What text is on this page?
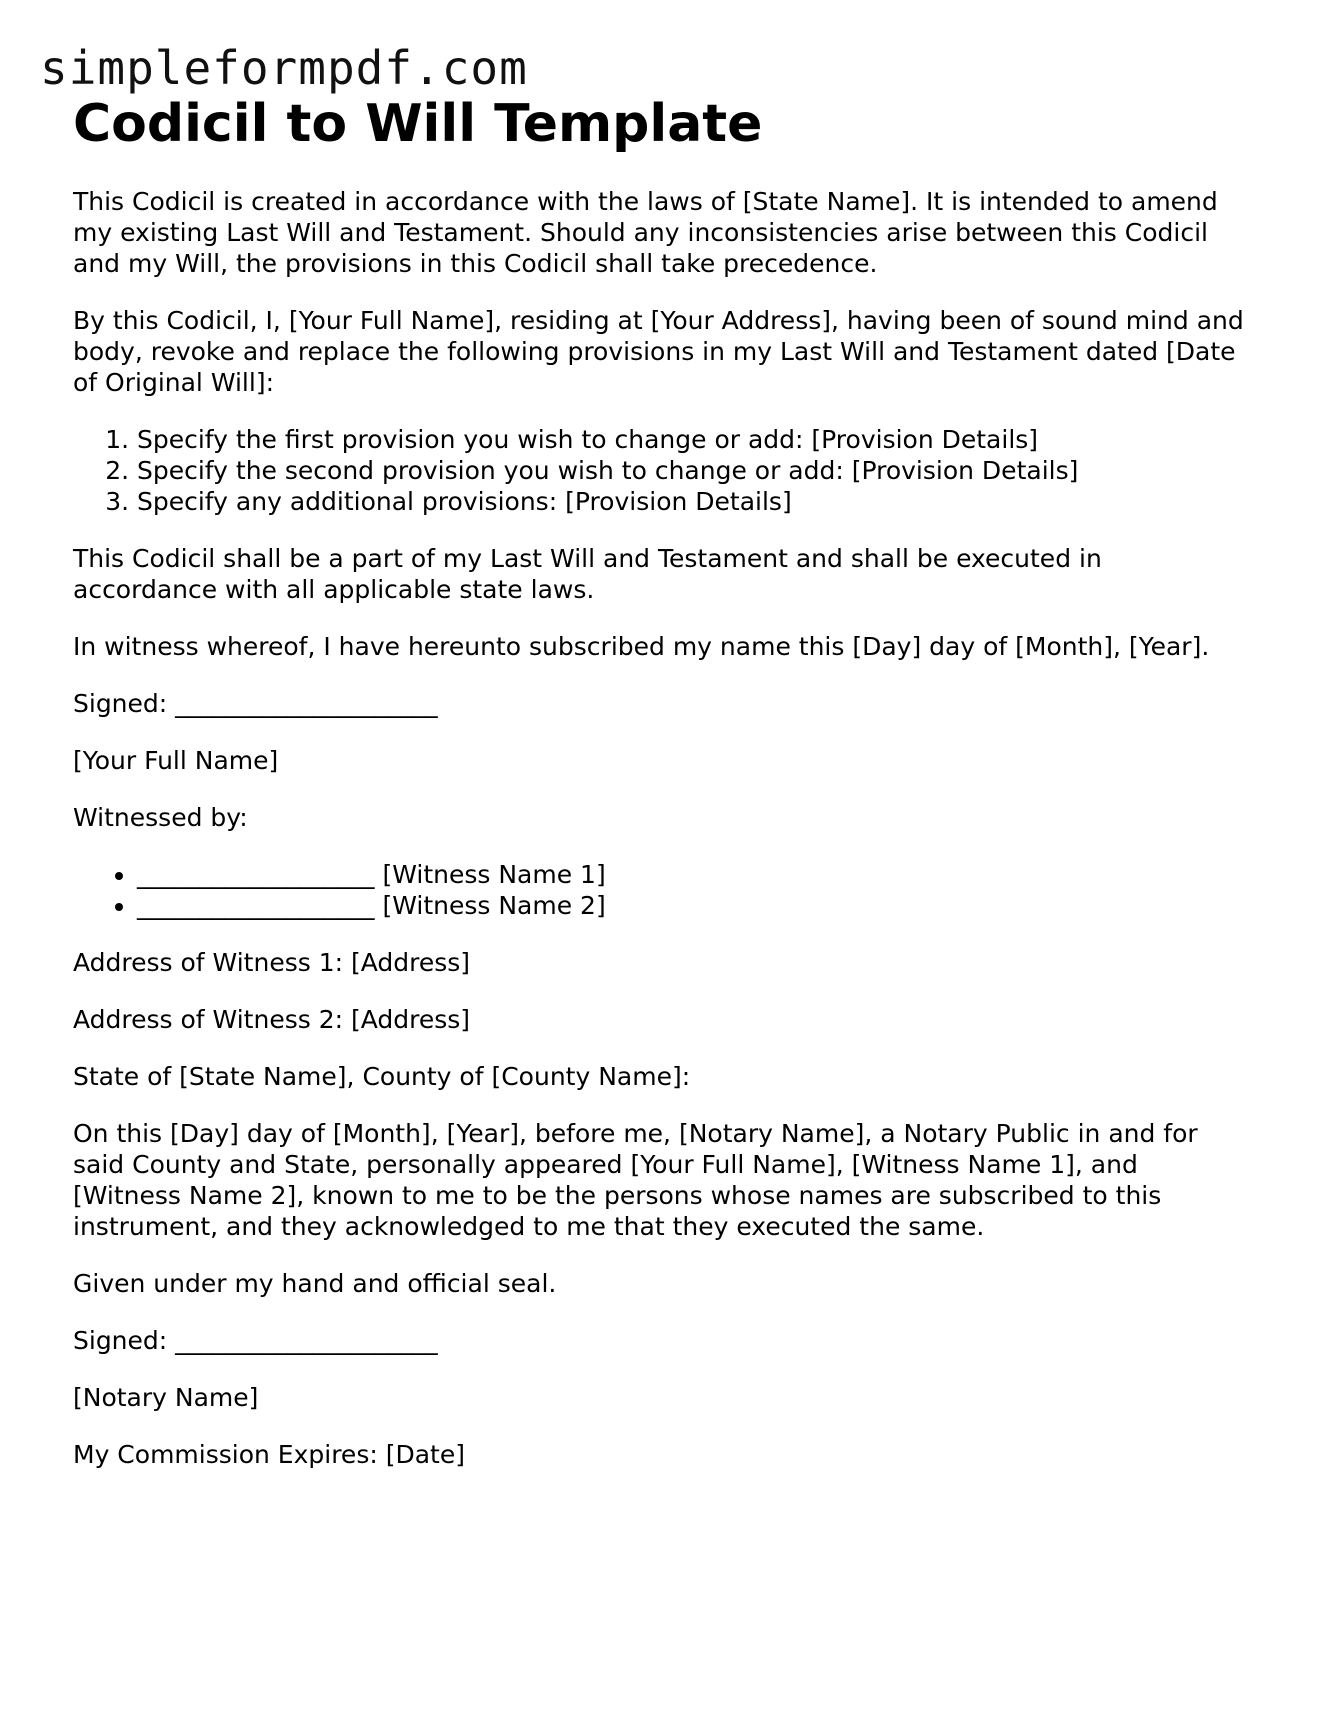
simpleformpdf.com
Codicil to Will Template

This Codicil is created in accordance with the laws of [State Name]. It is intended to amend my existing Last Will and Testament. Should any inconsistencies arise between this Codicil and my Will, the provisions in this Codicil shall take precedence.

By this Codicil, I, [Your Full Name], residing at [Your Address], having been of sound mind and body, revoke and replace the following provisions in my Last Will and Testament dated [Date of Original Will]:

1. Specify the first provision you wish to change or add: [Provision Details]
2. Specify the second provision you wish to change or add: [Provision Details]
3. Specify any additional provisions: [Provision Details]

This Codicil shall be a part of my Last Will and Testament and shall be executed in accordance with all applicable state laws.

In witness whereof, I have hereunto subscribed my name this [Day] day of [Month], [Year].

Signed: _____________________

[Your Full Name]

Witnessed by:

• ___________________ [Witness Name 1]
• ___________________ [Witness Name 2]

Address of Witness 1: [Address]

Address of Witness 2: [Address]

State of [State Name], County of [County Name]:

On this [Day] day of [Month], [Year], before me, [Notary Name], a Notary Public in and for said County and State, personally appeared [Your Full Name], [Witness Name 1], and [Witness Name 2], known to me to be the persons whose names are subscribed to this instrument, and they acknowledged to me that they executed the same.

Given under my hand and official seal.

Signed: _____________________

[Notary Name]

My Commission Expires: [Date]
